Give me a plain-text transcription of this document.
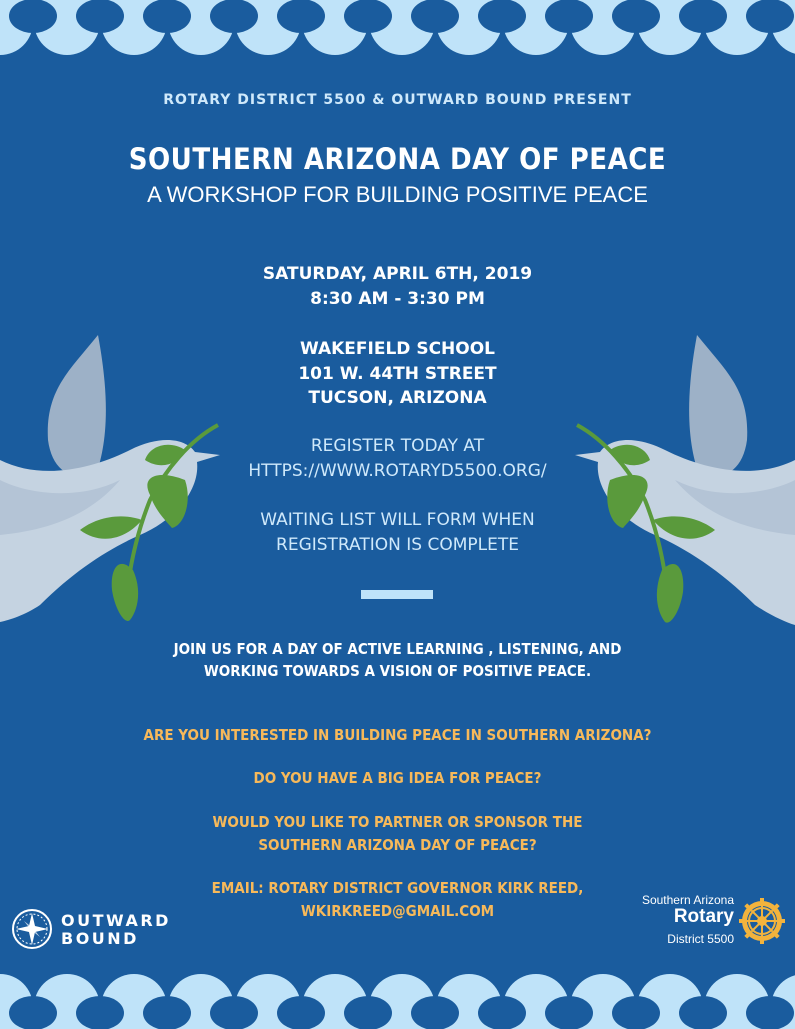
ROTARY DISTRICT 5500 & OUTWARD BOUND PRESENT
SOUTHERN ARIZONA DAY OF PEACE
A WORKSHOP FOR BUILDING POSITIVE PEACE
SATURDAY, APRIL 6TH, 2019
8:30 AM - 3:30 PM
WAKEFIELD SCHOOL
101 W. 44TH STREET
TUCSON, ARIZONA
REGISTER TODAY AT
HTTPS://WWW.ROTARYD5500.ORG/
WAITING LIST WILL FORM WHEN
REGISTRATION IS COMPLETE
JOIN US FOR A DAY OF ACTIVE LEARNING , LISTENING, AND
WORKING TOWARDS A VISION OF POSITIVE PEACE.
ARE YOU INTERESTED IN BUILDING PEACE IN SOUTHERN ARIZONA?
DO YOU HAVE A BIG IDEA FOR PEACE?
WOULD YOU LIKE TO PARTNER OR SPONSOR THE
SOUTHERN ARIZONA DAY OF PEACE?
EMAIL: ROTARY DISTRICT GOVERNOR KIRK REED,
WKIRKREED@GMAIL.COM
OUTWARD
BOUND
Southern Arizona
Rotary
District 5500
